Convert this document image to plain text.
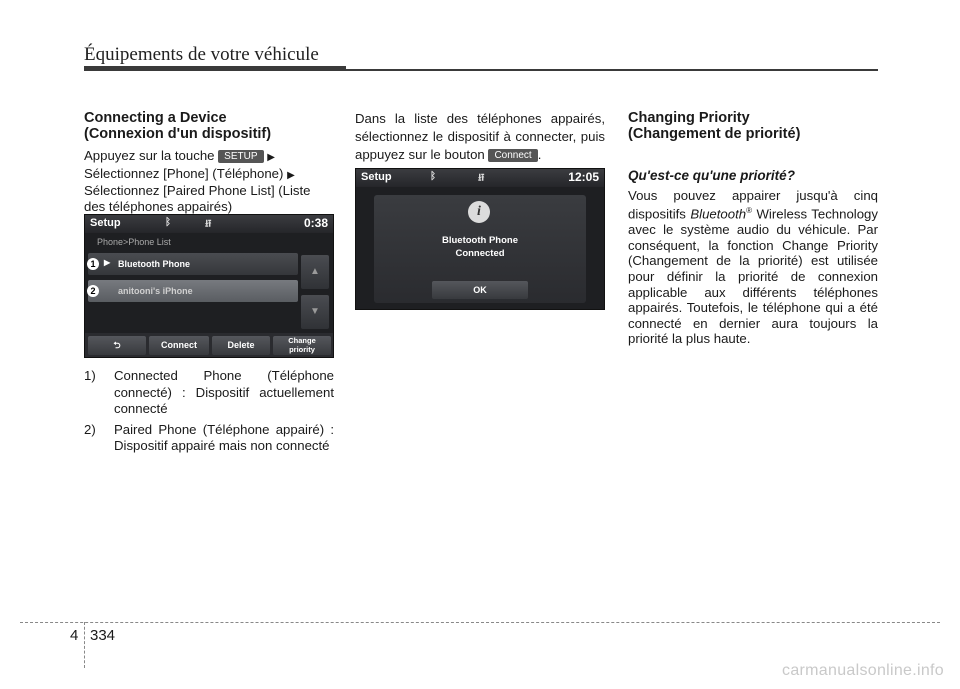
Équipements de votre véhicule
Connecting a Device
(Connexion d'un dispositif)

Appuyez sur la touche SETUP ▶

Sélectionnez [Phone] (Téléphone) ▶

Sélectionnez [Paired Phone List] (Liste des téléphones appairés)

Setup	ᛒ	⭿	0:38
Phone>Phone List
▶ Bluetooth Phone
anitooni's iPhone
1
2
▲
▼
⮌	Connect	Delete	Change
priority
1)	Connected Phone (Téléphone connecté) : Dispositif actuellement connecté
2)	Paired Phone (Téléphone appairé) : Dispositif appairé mais non connecté

Dans la liste des téléphones appairés, sélectionnez le dispositif à connecter, puis appuyez sur le bouton Connect .

Setup	ᛒ	⭿	12:05
i
Bluetooth Phone
Connected
OK
Changing Priority
(Changement de priorité)
Qu'est-ce qu'une priorité?

Vous pouvez appairer jusqu'à cinq dispositifs Bluetooth® Wireless Technology avec le système audio du véhicule. Par conséquent, la fonction Change Priority (Changement de la priorité) est utilisée pour définir la priorité de connexion applicable aux différents téléphones appairés. Toutefois, le téléphone qui a été connecté en dernier aura toujours la priorité la plus haute.

4 334
carmanualsonline.info
